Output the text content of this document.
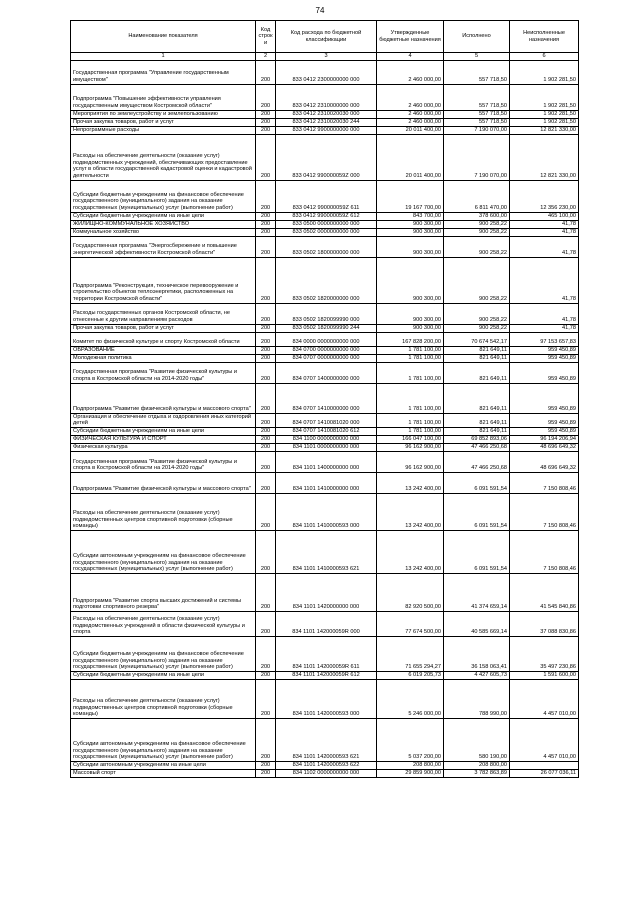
74
Наименование показателя	Код строк и	Код расхода по бюджетной классификации	Утвержденные бюджетные назначения	Исполнено	Неисполненные назначения
1	2	3	4	5	6
Государственная программа "Управление государственным имуществом"	200	833 0412 2300000000 000	2 460 000,00	557 718,50	1 902 281,50
Подпрограмма "Повышение эффективности управления государственным имуществом Костромской области"	200	833 0412 2310000000 000	2 460 000,00	557 718,50	1 902 281,50
Мероприятия по землеустройству и землепользованию	200	833 0412 2310020030 000	2 460 000,00	557 718,50	1 902 281,50
Прочая закупка товаров, работ и услуг	200	833 0412 2310020030 244	2 460 000,00	557 718,50	1 902 281,50
Непрограммные расходы	200	833 0412 9900000000 000	20 011 400,00	7 190 070,00	12 821 330,00
Расходы на обеспечение деятельности (оказание услуг) подведомственных учреждений, обеспечивающих предоставление услуг в области государственной кадастровой оценки и кадастровой деятельности	200	833 0412 990000059Z 000	20 011 400,00	7 190 070,00	12 821 330,00
Субсидии бюджетным учреждениям на финансовое обеспечение государственного (муниципального) задания на оказание государственных (муниципальных) услуг (выполнение работ)	200	833 0412 990000059Z 611	19 167 700,00	6 811 470,00	12 356 230,00
Субсидии бюджетным учреждениям на иные цели	200	833 0412 990000059Z 612	843 700,00	378 600,00	465 100,00
ЖИЛИЩНО-КОММУНАЛЬНОЕ ХОЗЯЙСТВО	200	833 0500 0000000000 000	900 300,00	900 258,22	41,78
Коммунальное хозяйство	200	833 0502 0000000000 000	900 300,00	900 258,22	41,78
Государственная программа "Энергосбережение и повышение энергетической эффективности Костромской области"	200	833 0502 1800000000 000	900 300,00	900 258,22	41,78
Подпрограмма "Реконструкция, техническое перевооружение и строительство объектов теплоэнергетики, расположенных на территории Костромской области"	200	833 0502 1820000000 000	900 300,00	900 258,22	41,78
Расходы государственных органов Костромской области, не отнесенные к другим направлениям расходов	200	833 0502 1820099990 000	900 300,00	900 258,22	41,78
Прочая закупка товаров, работ и услуг	200	833 0502 1820099990 244	900 300,00	900 258,22	41,78
Комитет по физической культуре и спорту Костромской области	200	834 0000 0000000000 000	167 828 200,00	70 674 542,17	97 153 657,83
ОБРАЗОВАНИЕ	200	834 0700 0000000000 000	1 781 100,00	821 649,11	959 450,89
Молодежная политика	200	834 0707 0000000000 000	1 781 100,00	821 649,11	959 450,89
Государственная программа "Развитие физической культуры и спорта в Костромской области на 2014-2020 годы"	200	834 0707 1400000000 000	1 781 100,00	821 649,11	959 450,89
Подпрограмма "Развитие физической культуры и массового спорта"	200	834 0707 1410000000 000	1 781 100,00	821 649,11	959 450,89
Организация и обеспечение отдыха и оздоровления иных категорий детей	200	834 0707 1410081020 000	1 781 100,00	821 649,11	959 450,89
Субсидии бюджетным учреждениям на иные цели	200	834 0707 1410081020 612	1 781 100,00	821 649,11	959 450,89
ФИЗИЧЕСКАЯ КУЛЬТУРА И СПОРТ	200	834 1100 0000000000 000	166 047 100,00	69 852 893,06	96 194 206,94
Физическая культура	200	834 1101 0000000000 000	96 162 900,00	47 466 250,68	48 696 649,32
Государственная программа "Развитие физической культуры и спорта в Костромской области на 2014-2020 годы"	200	834 1101 1400000000 000	96 162 900,00	47 466 250,68	48 696 649,32
Подпрограмма "Развитие физической культуры и массового спорта"	200	834 1101 1410000000 000	13 242 400,00	6 091 591,54	7 150 808,46
Расходы на обеспечение деятельности (оказание услуг) подведомственных центров спортивной подготовки (сборные команды)	200	834 1101 141000059З 000	13 242 400,00	6 091 591,54	7 150 808,46
Субсидии автономным учреждениям на финансовое обеспечение государственного (муниципального) задания на оказание государственных (муниципальных) услуг (выполнение работ)	200	834 1101 141000059З 621	13 242 400,00	6 091 591,54	7 150 808,46
Подпрограмма "Развитие спорта высших достижений и системы подготовки спортивного резерва"	200	834 1101 1420000000 000	82 920 500,00	41 374 659,14	41 545 840,86
Расходы на обеспечение деятельности (оказание услуг) подведомственных учреждений в области физической культуры и спорта	200	834 1101 142000059R 000	77 674 500,00	40 585 669,14	37 088 830,86
Субсидии бюджетным учреждениям на финансовое обеспечение государственного (муниципального) задания на оказание государственных (муниципальных) услуг (выполнение работ)	200	834 1101 142000059R 611	71 655 294,27	36 158 063,41	35 497 230,86
Субсидии бюджетным учреждениям на иные цели	200	834 1101 142000059R 612	6 019 205,73	4 427 605,73	1 591 600,00
Расходы на обеспечение деятельности (оказание услуг) подведомственных центров спортивной подготовки (сборные команды)	200	834 1101 142000059З 000	5 246 000,00	788 990,00	4 457 010,00
Субсидии автономным учреждениям на финансовое обеспечение государственного (муниципального) задания на оказание государственных (муниципальных) услуг (выполнение работ)	200	834 1101 142000059З 621	5 037 200,00	580 190,00	4 457 010,00
Субсидии автономным учреждениям на иные цели	200	834 1101 142000059З 622	208 800,00	208 800,00	
Массовый спорт	200	834 1102 0000000000 000	29 859 900,00	3 782 863,89	26 077 036,11
